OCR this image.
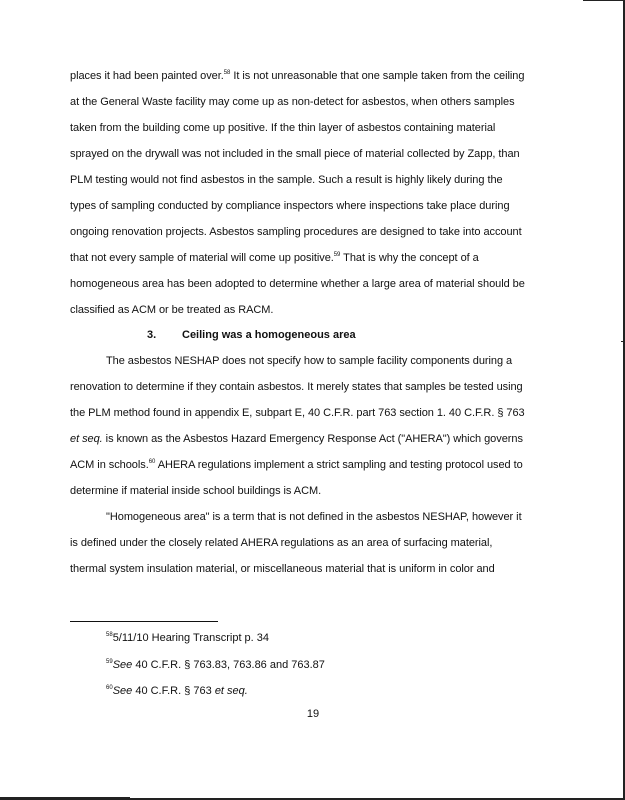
places it had been painted over.$^{58}$ It is not unreasonable that one sample taken from the ceiling
at the General Waste facility may come up as non-detect for asbestos, when others samples
taken from the building come up positive. If the thin layer of asbestos containing material
sprayed on the drywall was not included in the small piece of material collected by Zapp, than
PLM testing would not find asbestos in the sample. Such a result is highly likely during the
types of sampling conducted by compliance inspectors where inspections take place during
ongoing renovation projects. Asbestos sampling procedures are designed to take into account
that not every sample of material will come up positive.$^{59}$ That is why the concept of a
homogeneous area has been adopted to determine whether a large area of material should be
classified as ACM or be treated as RACM.
3. Ceiling was a homogeneous area
The asbestos NESHAP does not specify how to sample facility components during a
renovation to determine if they contain asbestos. It merely states that samples be tested using
the PLM method found in appendix E, subpart E, 40 C.F.R. part 763 section 1. 40 C.F.R. § 763
et seq. is known as the Asbestos Hazard Emergency Response Act ("AHERA") which governs
ACM in schools.$^{60}$ AHERA regulations implement a strict sampling and testing protocol used to
determine if material inside school buildings is ACM.
"Homogeneous area" is a term that is not defined in the asbestos NESHAP, however it
is defined under the closely related AHERA regulations as an area of surfacing material,
thermal system insulation material, or miscellaneous material that is uniform in color and
$^{58}$5/11/10 Hearing Transcript p. 34
$^{59}$See 40 C.F.R. § 763.83, 763.86 and 763.87
$^{60}$See 40 C.F.R. § 763 et seq.
19
